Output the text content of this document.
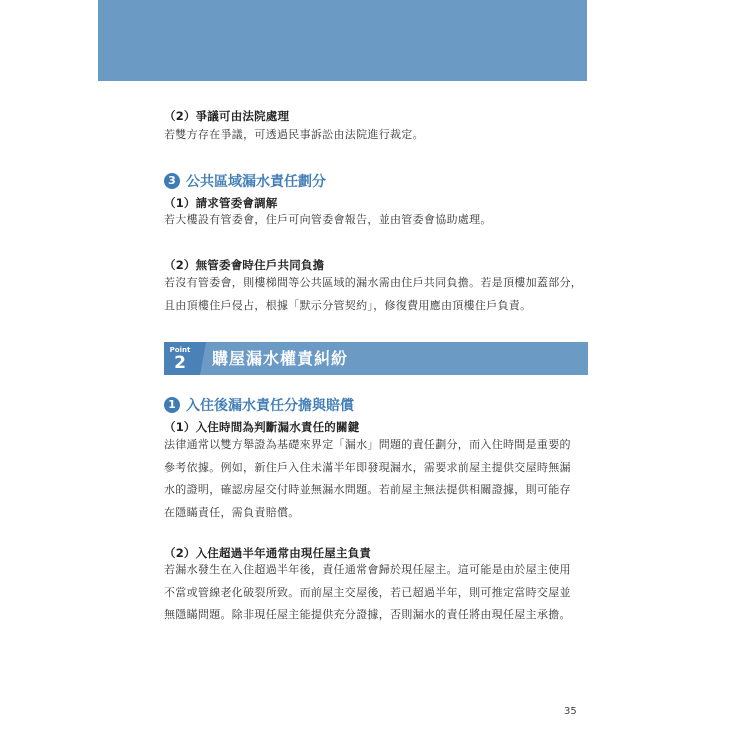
（2）爭議可由法院處理
若雙方存在爭議，可透過民事訴訟由法院進行裁定。
3 公共區域漏水責任劃分
（1）請求管委會調解
若大樓設有管委會，住戶可向管委會報告，並由管委會協助處理。
（2）無管委會時住戶共同負擔
若沒有管委會，則樓梯間等公共區域的漏水需由住戶共同負擔。若是頂樓加蓋部分，
且由頂樓住戶侵占，根據「默示分管契約」，修復費用應由頂樓住戶負責。
1 入住後漏水責任分擔與賠償
（1）入住時間為判斷漏水責任的關鍵
法律通常以雙方舉證為基礎來界定「漏水」問題的責任劃分，而入住時間是重要的
參考依據。例如，新住戶入住未滿半年即發現漏水，需要求前屋主提供交屋時無漏
水的證明，確認房屋交付時並無漏水問題。若前屋主無法提供相關證據，則可能存
在隱瞞責任，需負責賠償。
（2）入住超過半年通常由現任屋主負責
若漏水發生在入住超過半年後，責任通常會歸於現任屋主。這可能是由於屋主使用
不當或管線老化破裂所致。而前屋主交屋後，若已超過半年，則可推定當時交屋並
無隱瞞問題。除非現任屋主能提供充分證據，否則漏水的責任將由現任屋主承擔。
Point
2	購屋漏水權責糾紛
35
